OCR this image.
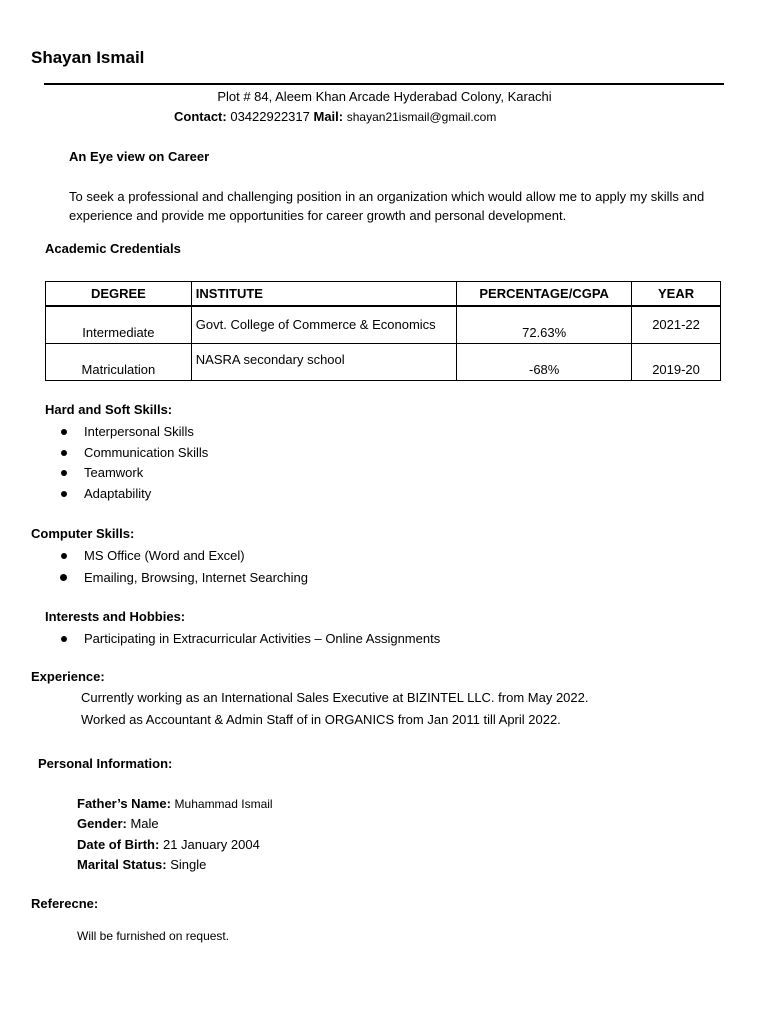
Shayan Ismail
Plot # 84, Aleem Khan Arcade Hyderabad Colony, Karachi
Contact: 03422922317 Mail: shayan21ismail@gmail.com
An Eye view on Career
To seek a professional and challenging position in an organization which would allow me to apply my skills and experience and provide me opportunities for career growth and personal development.
Academic Credentials
DEGREE	INSTITUTE	PERCENTAGE/CGPA	YEAR
Intermediate	Govt. College of Commerce & Economics	72.63%	2021-22
Matriculation	NASRA secondary school	-68%	2019-20
Hard and Soft Skills:
Interpersonal Skills
Communication Skills
Teamwork
Adaptability
Computer Skills:
MS Office (Word and Excel)
Emailing, Browsing, Internet Searching
Interests and Hobbies:
Participating in Extracurricular Activities – Online Assignments
Experience:
Currently working as an International Sales Executive at BIZINTEL LLC. from May 2022.
Worked as Accountant & Admin Staff of in ORGANICS from Jan 2011 till April 2022.
Personal Information:
Father’s Name: Muhammad Ismail
Gender: Male
Date of Birth: 21 January 2004
Marital Status: Single
Referecne:
Will be furnished on request.
